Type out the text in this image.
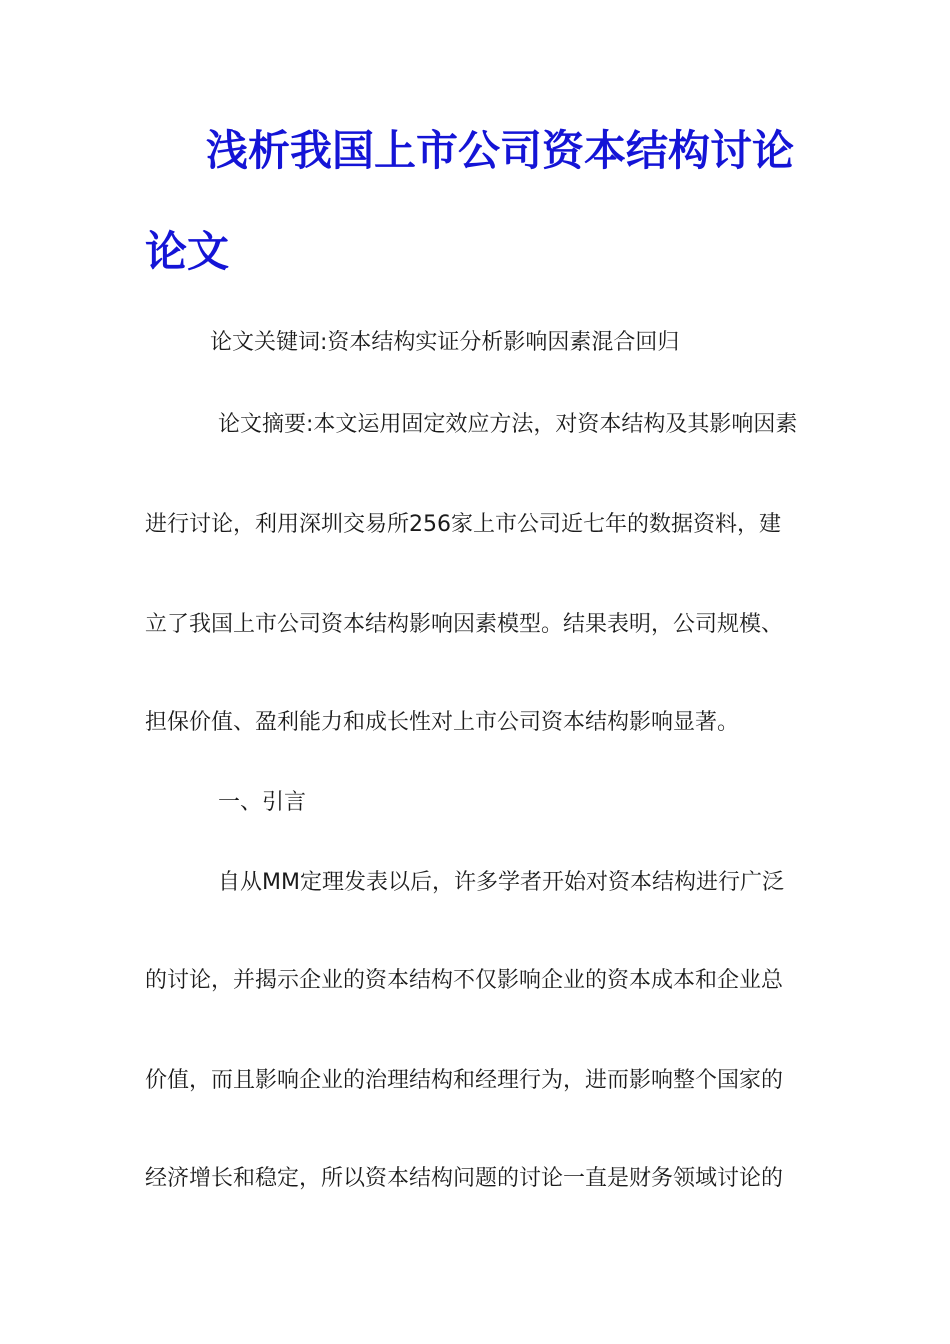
浅析我国上市公司资本结构讨论
论文

论文关键词:资本结构实证分析影响因素混合回归

论文摘要:本文运用固定效应方法，对资本结构及其影响因素

进行讨论，利用深圳交易所256家上市公司近七年的数据资料，建

立了我国上市公司资本结构影响因素模型。结果表明，公司规模、

担保价值、盈利能力和成长性对上市公司资本结构影响显著。

一、引言

自从MM定理发表以后，许多学者开始对资本结构进行广泛

的讨论，并揭示企业的资本结构不仅影响企业的资本成本和企业总

价值，而且影响企业的治理结构和经理行为，进而影响整个国家的

经济增长和稳定，所以资本结构问题的讨论一直是财务领域讨论的
